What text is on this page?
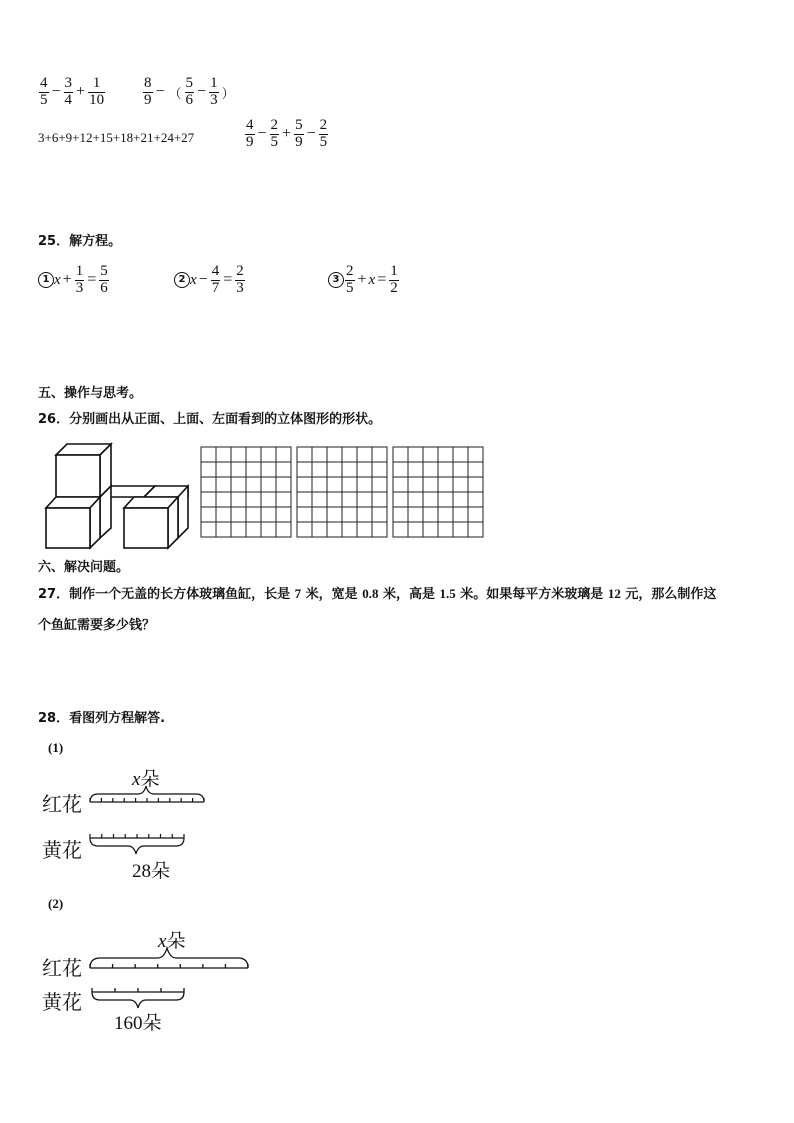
$\frac{4}{5} - \frac{3}{4} + \frac{1}{10}$	$\frac{8}{9}$ − （ $\frac{5}{6} - \frac{1}{3}$ ）
3+6+9+12+15+18+21+24+27	$\frac{4}{9} - \frac{2}{5} + \frac{5}{9} - \frac{2}{5}$
25．解方程。
1 $x + \frac{1}{3} = \frac{5}{6}$	2 $x - \frac{4}{7} = \frac{2}{3}$	$3 \frac{2}{5} + x = \frac{1}{2}$
五、操作与思考。
26．分别画出从正面、上面、左面看到的立体图形的形状。
六、解决问题。
27．制作一个无盖的长方体玻璃鱼缸，长是 7 米，宽是 0.8 米，高是 1.5 米。如果每平方米玻璃是 12 元，那么制作这
个鱼缸需要多少钱？
28．看图列方程解答.
(1)
x朵
红花
黄花
28朵
(2)
x朵
红花
黄花
160朵
